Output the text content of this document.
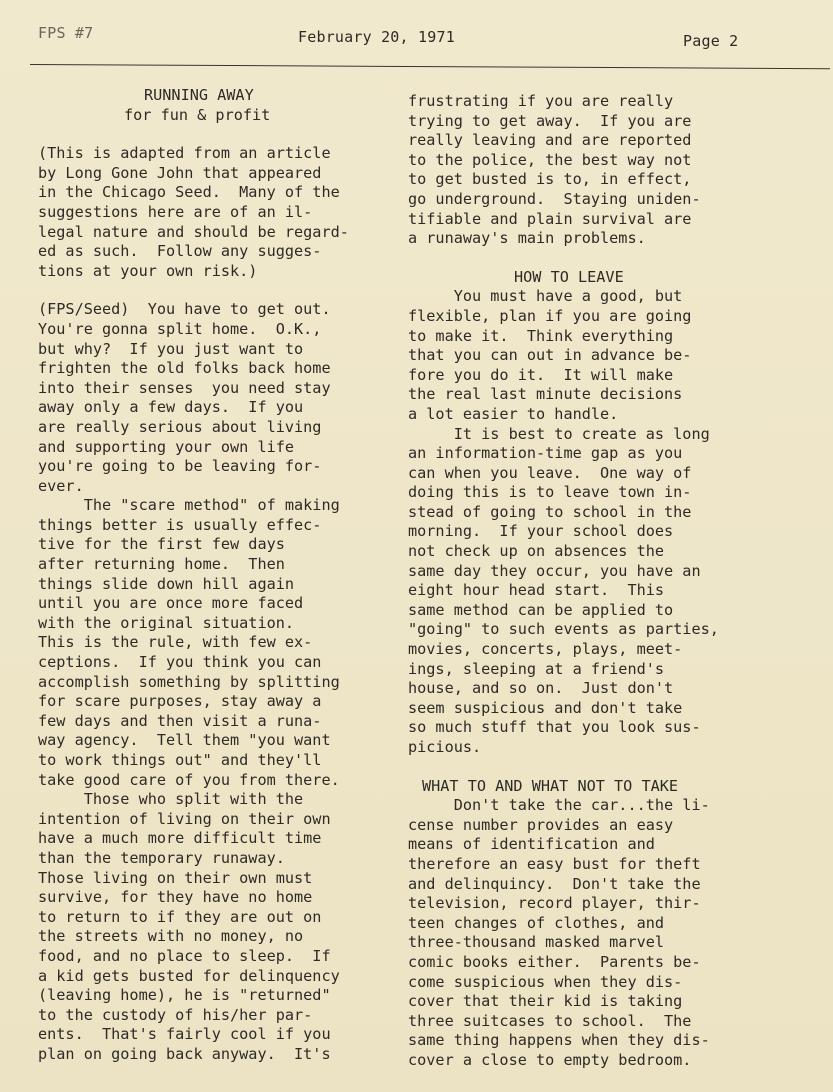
FPS #7	February 20, 1971	Page 2

RUNNING AWAY

for fun & profit

(This is adapted from an article

by Long Gone John that appeared

in the Chicago Seed.  Many of the

suggestions here are of an il-

legal nature and should be regard-

ed as such.  Follow any sugges-

tions at your own risk.)

(FPS/Seed)  You have to get out.

You're gonna split home.  O.K.,

but why?  If you just want to

frighten the old folks back home

into their senses  you need stay

away only a few days.  If you

are really serious about living

and supporting your own life

you're going to be leaving for-

ever.

The "scare method" of making

things better is usually effec-

tive for the first few days

after returning home.  Then

things slide down hill again

until you are once more faced

with the original situation.

This is the rule, with few ex-

ceptions.  If you think you can

accomplish something by splitting

for scare purposes, stay away a

few days and then visit a runa-

way agency.  Tell them "you want

to work things out" and they'll

take good care of you from there.

Those who split with the

intention of living on their own

have a much more difficult time

than the temporary runaway.

Those living on their own must

survive, for they have no home

to return to if they are out on

the streets with no money, no

food, and no place to sleep.  If

a kid gets busted for delinquency

(leaving home), he is "returned"

to the custody of his/her par-

ents.  That's fairly cool if you

plan on going back anyway.  It's

frustrating if you are really

trying to get away.  If you are

really leaving and are reported

to the police, the best way not

to get busted is to, in effect,

go underground.  Staying uniden-

tifiable and plain survival are

a runaway's main problems.

HOW TO LEAVE

You must have a good, but

flexible, plan if you are going

to make it.  Think everything

that you can out in advance be-

fore you do it.  It will make

the real last minute decisions

a lot easier to handle.

It is best to create as long

an information-time gap as you

can when you leave.  One way of

doing this is to leave town in-

stead of going to school in the

morning.  If your school does

not check up on absences the

same day they occur, you have an

eight hour head start.  This

same method can be applied to

"going" to such events as parties,

movies, concerts, plays, meet-

ings, sleeping at a friend's

house, and so on.  Just don't

seem suspicious and don't take

so much stuff that you look sus-

picious.

WHAT TO AND WHAT NOT TO TAKE

Don't take the car...the li-

cense number provides an easy

means of identification and

therefore an easy bust for theft

and delinquincy.  Don't take the

television, record player, thir-

teen changes of clothes, and

three-thousand masked marvel

comic books either.  Parents be-

come suspicious when they dis-

cover that their kid is taking

three suitcases to school.  The

same thing happens when they dis-

cover a close to empty bedroom.
